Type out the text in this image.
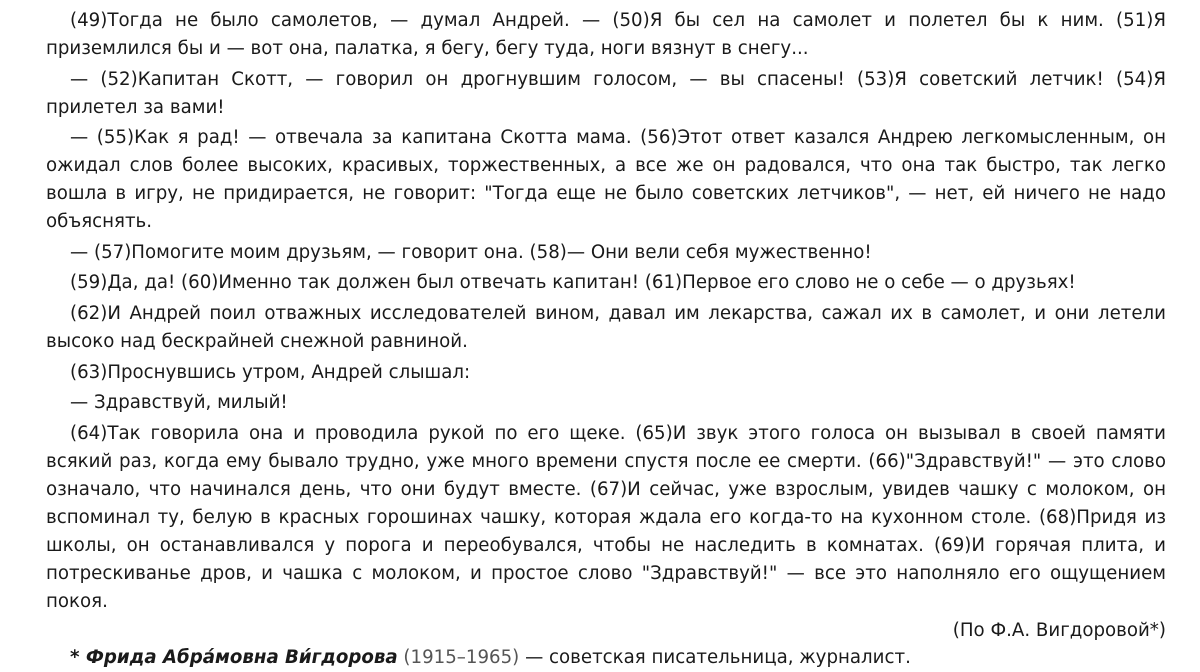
(49)Тогда не было самолетов, — думал Андрей. — (50)Я бы сел на самолет и полетел бы к ним. (51)Я приземлился бы и — вот она, палатка, я бегу, бегу туда, ноги вязнут в снегу...

— (52)Капитан Скотт, — говорил он дрогнувшим голосом, — вы спасены! (53)Я советский летчик! (54)Я прилетел за вами!

— (55)Как я рад! — отвечала за капитана Скотта мама. (56)Этот ответ казался Андрею легкомысленным, он ожидал слов более высоких, красивых, торжественных, а все же он радовался, что она так быстро, так легко вошла в игру, не придирается, не говорит: "Тогда еще не было советских летчиков", — нет, ей ничего не надо объяснять.

— (57)Помогите моим друзьям, — говорит она. (58)— Они вели себя мужественно!

(59)Да, да! (60)Именно так должен был отвечать капитан! (61)Первое его слово не о себе — о друзьях!

(62)И Андрей поил отважных исследователей вином, давал им лекарства, сажал их в самолет, и они летели высоко над бескрайней снежной равниной.

(63)Проснувшись утром, Андрей слышал:

— Здравствуй, милый!

(64)Так говорила она и проводила рукой по его щеке. (65)И звук этого голоса он вызывал в своей памяти всякий раз, когда ему бывало трудно, уже много времени спустя после ее смерти. (66)"Здравствуй!" — это слово означало, что начинался день, что они будут вместе. (67)И сейчас, уже взрослым, увидев чашку с молоком, он вспоминал ту, белую в красных горошинах чашку, которая ждала его когда-то на кухонном столе. (68)Придя из школы, он останавливался у порога и переобувался, чтобы не наследить в комнатах. (69)И горячая плита, и потрескиванье дров, и чашка с молоком, и простое слово "Здравствуй!" — все это наполняло его ощущением покоя.

(По Ф.А. Вигдоровой*)

* Фрида Абра́мовна Ви́гдорова (1915–1965) — советская писательница, журналист.
